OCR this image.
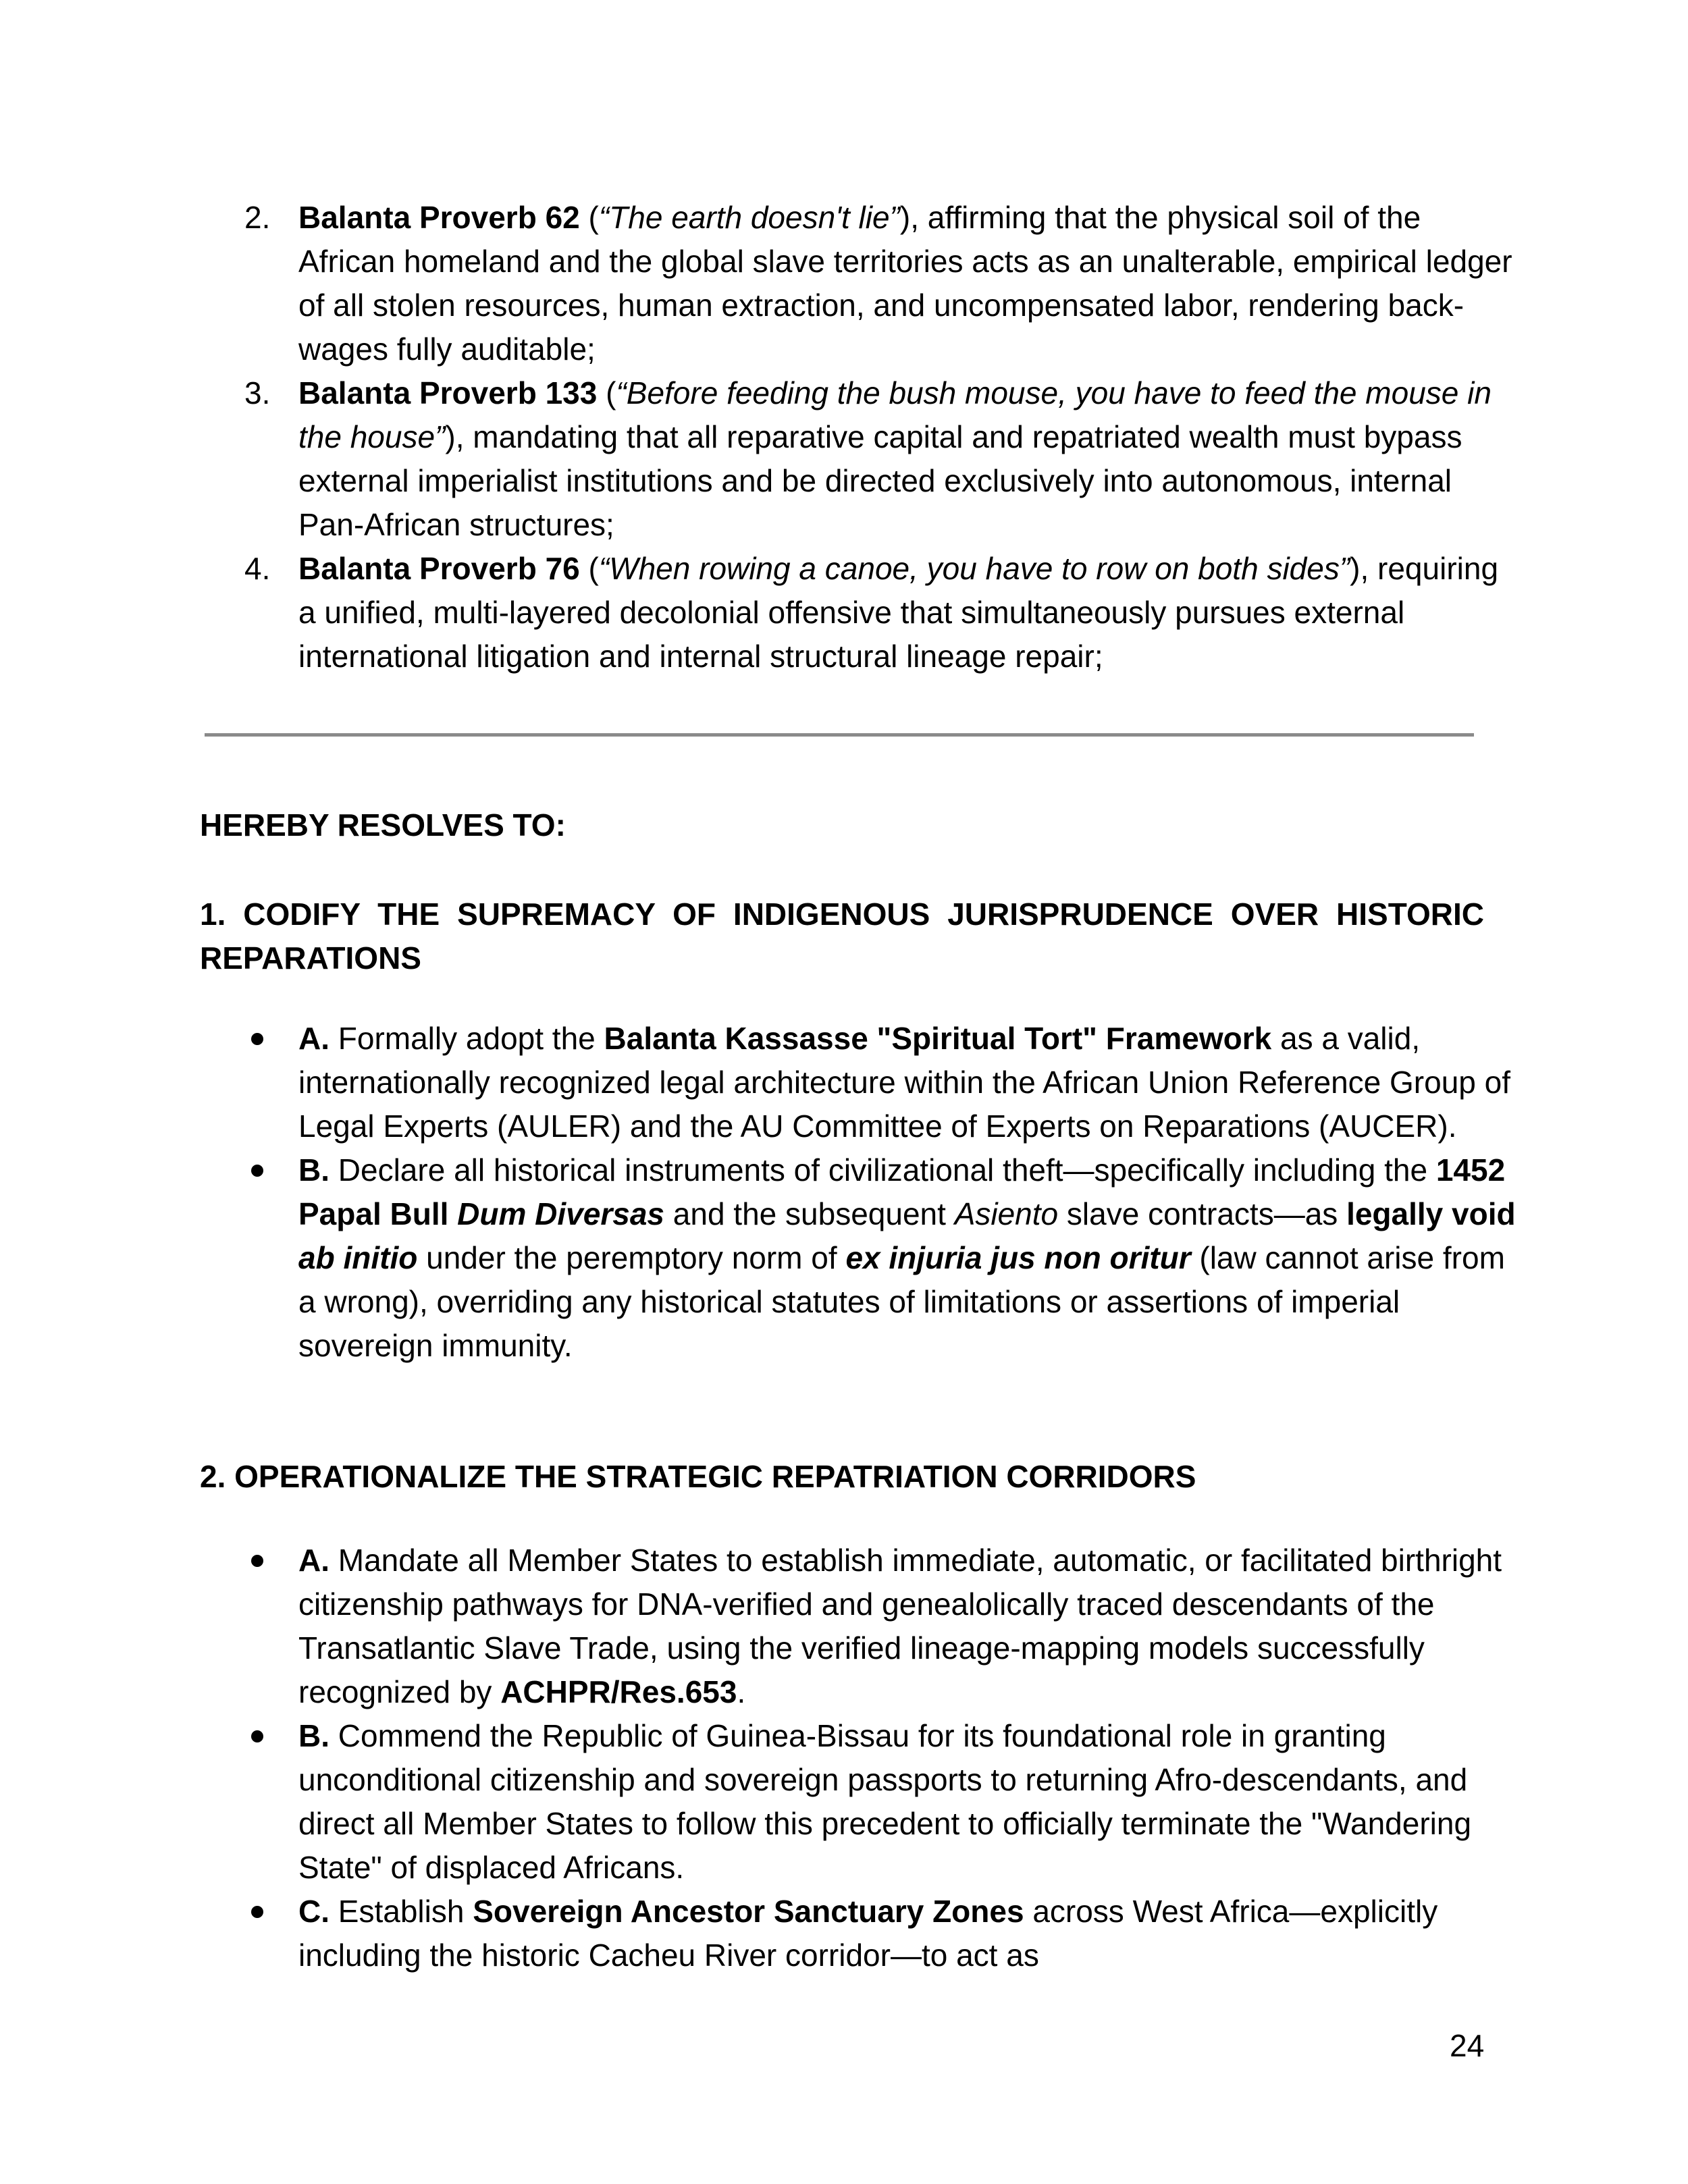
2. Balanta Proverb 62 (“The earth doesn't lie”), affirming that the physical soil of the African homeland and the global slave territories acts as an unalterable, empirical ledger of all stolen resources, human extraction, and uncompensated labor, rendering back-wages fully auditable;
3. Balanta Proverb 133 (“Before feeding the bush mouse, you have to feed the mouse in the house”), mandating that all reparative capital and repatriated wealth must bypass external imperialist institutions and be directed exclusively into autonomous, internal Pan-African structures;
4. Balanta Proverb 76 (“When rowing a canoe, you have to row on both sides”), requiring a unified, multi-layered decolonial offensive that simultaneously pursues external international litigation and internal structural lineage repair;
HEREBY RESOLVES TO:
1. CODIFY THE SUPREMACY OF INDIGENOUS JURISPRUDENCE OVER HISTORIC REPARATIONS
A. Formally adopt the Balanta Kassasse "Spiritual Tort" Framework as a valid, internationally recognized legal architecture within the African Union Reference Group of Legal Experts (AULER) and the AU Committee of Experts on Reparations (AUCER).
B. Declare all historical instruments of civilizational theft—specifically including the 1452 Papal Bull Dum Diversas and the subsequent Asiento slave contracts—as legally void ab initio under the peremptory norm of ex injuria jus non oritur (law cannot arise from a wrong), overriding any historical statutes of limitations or assertions of imperial sovereign immunity.
2. OPERATIONALIZE THE STRATEGIC REPATRIATION CORRIDORS
A. Mandate all Member States to establish immediate, automatic, or facilitated birthright citizenship pathways for DNA-verified and genealolically traced descendants of the Transatlantic Slave Trade, using the verified lineage-mapping models successfully recognized by ACHPR/Res.653.
B. Commend the Republic of Guinea-Bissau for its foundational role in granting unconditional citizenship and sovereign passports to returning Afro-descendants, and direct all Member States to follow this precedent to officially terminate the "Wandering State" of displaced Africans.
C. Establish Sovereign Ancestor Sanctuary Zones across West Africa—explicitly including the historic Cacheu River corridor—to act as
24
